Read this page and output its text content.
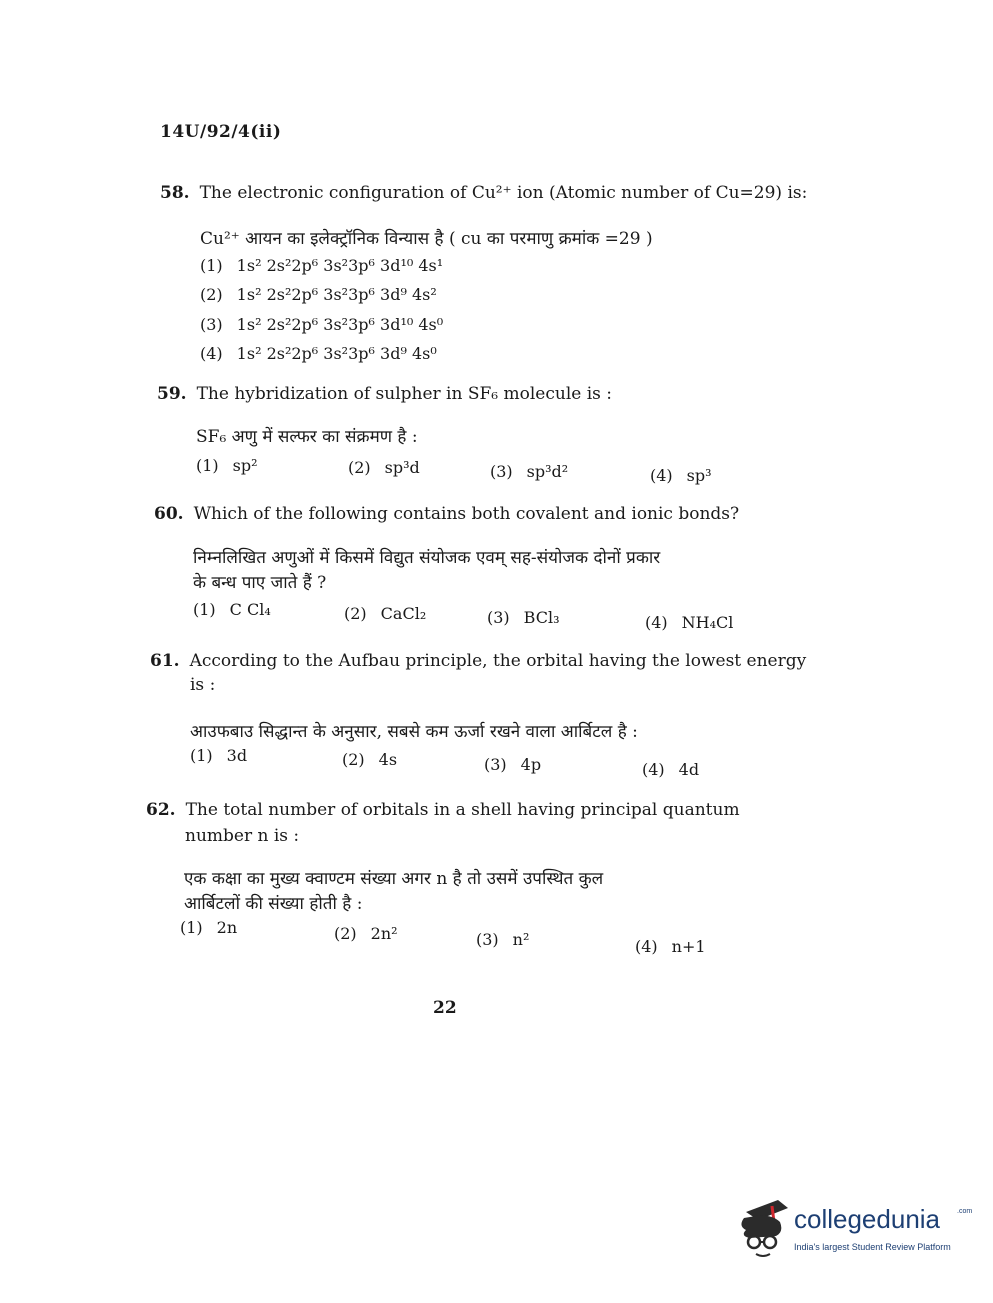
14U/92/4(ii)
58. The electronic configuration of Cu²⁺ ion (Atomic number of Cu=29) is:
Cu²⁺ आयन का इलेक्ट्रॉनिक विन्यास है ( cu का परमाणु क्रमांक =29 )
(1) 1s² 2s²2p⁶ 3s²3p⁶ 3d¹⁰ 4s¹
(2) 1s² 2s²2p⁶ 3s²3p⁶ 3d⁹ 4s²
(3) 1s² 2s²2p⁶ 3s²3p⁶ 3d¹⁰ 4s⁰
(4) 1s² 2s²2p⁶ 3s²3p⁶ 3d⁹ 4s⁰
59. The hybridization of sulpher in SF₆ molecule is :
SF₆ अणु में सल्फर का संक्रमण है :
(1) sp²	(2) sp³d	(3) sp³d²	(4) sp³
60. Which of the following contains both covalent and ionic bonds?
निम्नलिखित अणुओं में किसमें विद्युत संयोजक एवम् सह-संयोजक दोनों प्रकार
के बन्ध पाए जाते हैं ?
(1) C Cl₄	(2) CaCl₂	(3) BCl₃	(4) NH₄Cl
61. According to the Aufbau principle, the orbital having the lowest energy
is :
आउफबाउ सिद्धान्त के अनुसार, सबसे कम ऊर्जा रखने वाला आर्बिटल है :
(1) 3d	(2) 4s	(3) 4p	(4) 4d
62. The total number of orbitals in a shell having principal quantum
number n is :
एक कक्षा का मुख्य क्वाण्टम संख्या अगर n है तो उसमें उपस्थित कुल
आर्बिटलों की संख्या होती है :
(1) 2n	(2) 2n²	(3) n²	(4) n+1
22
collegedunia .com
India's largest Student Review Platform
